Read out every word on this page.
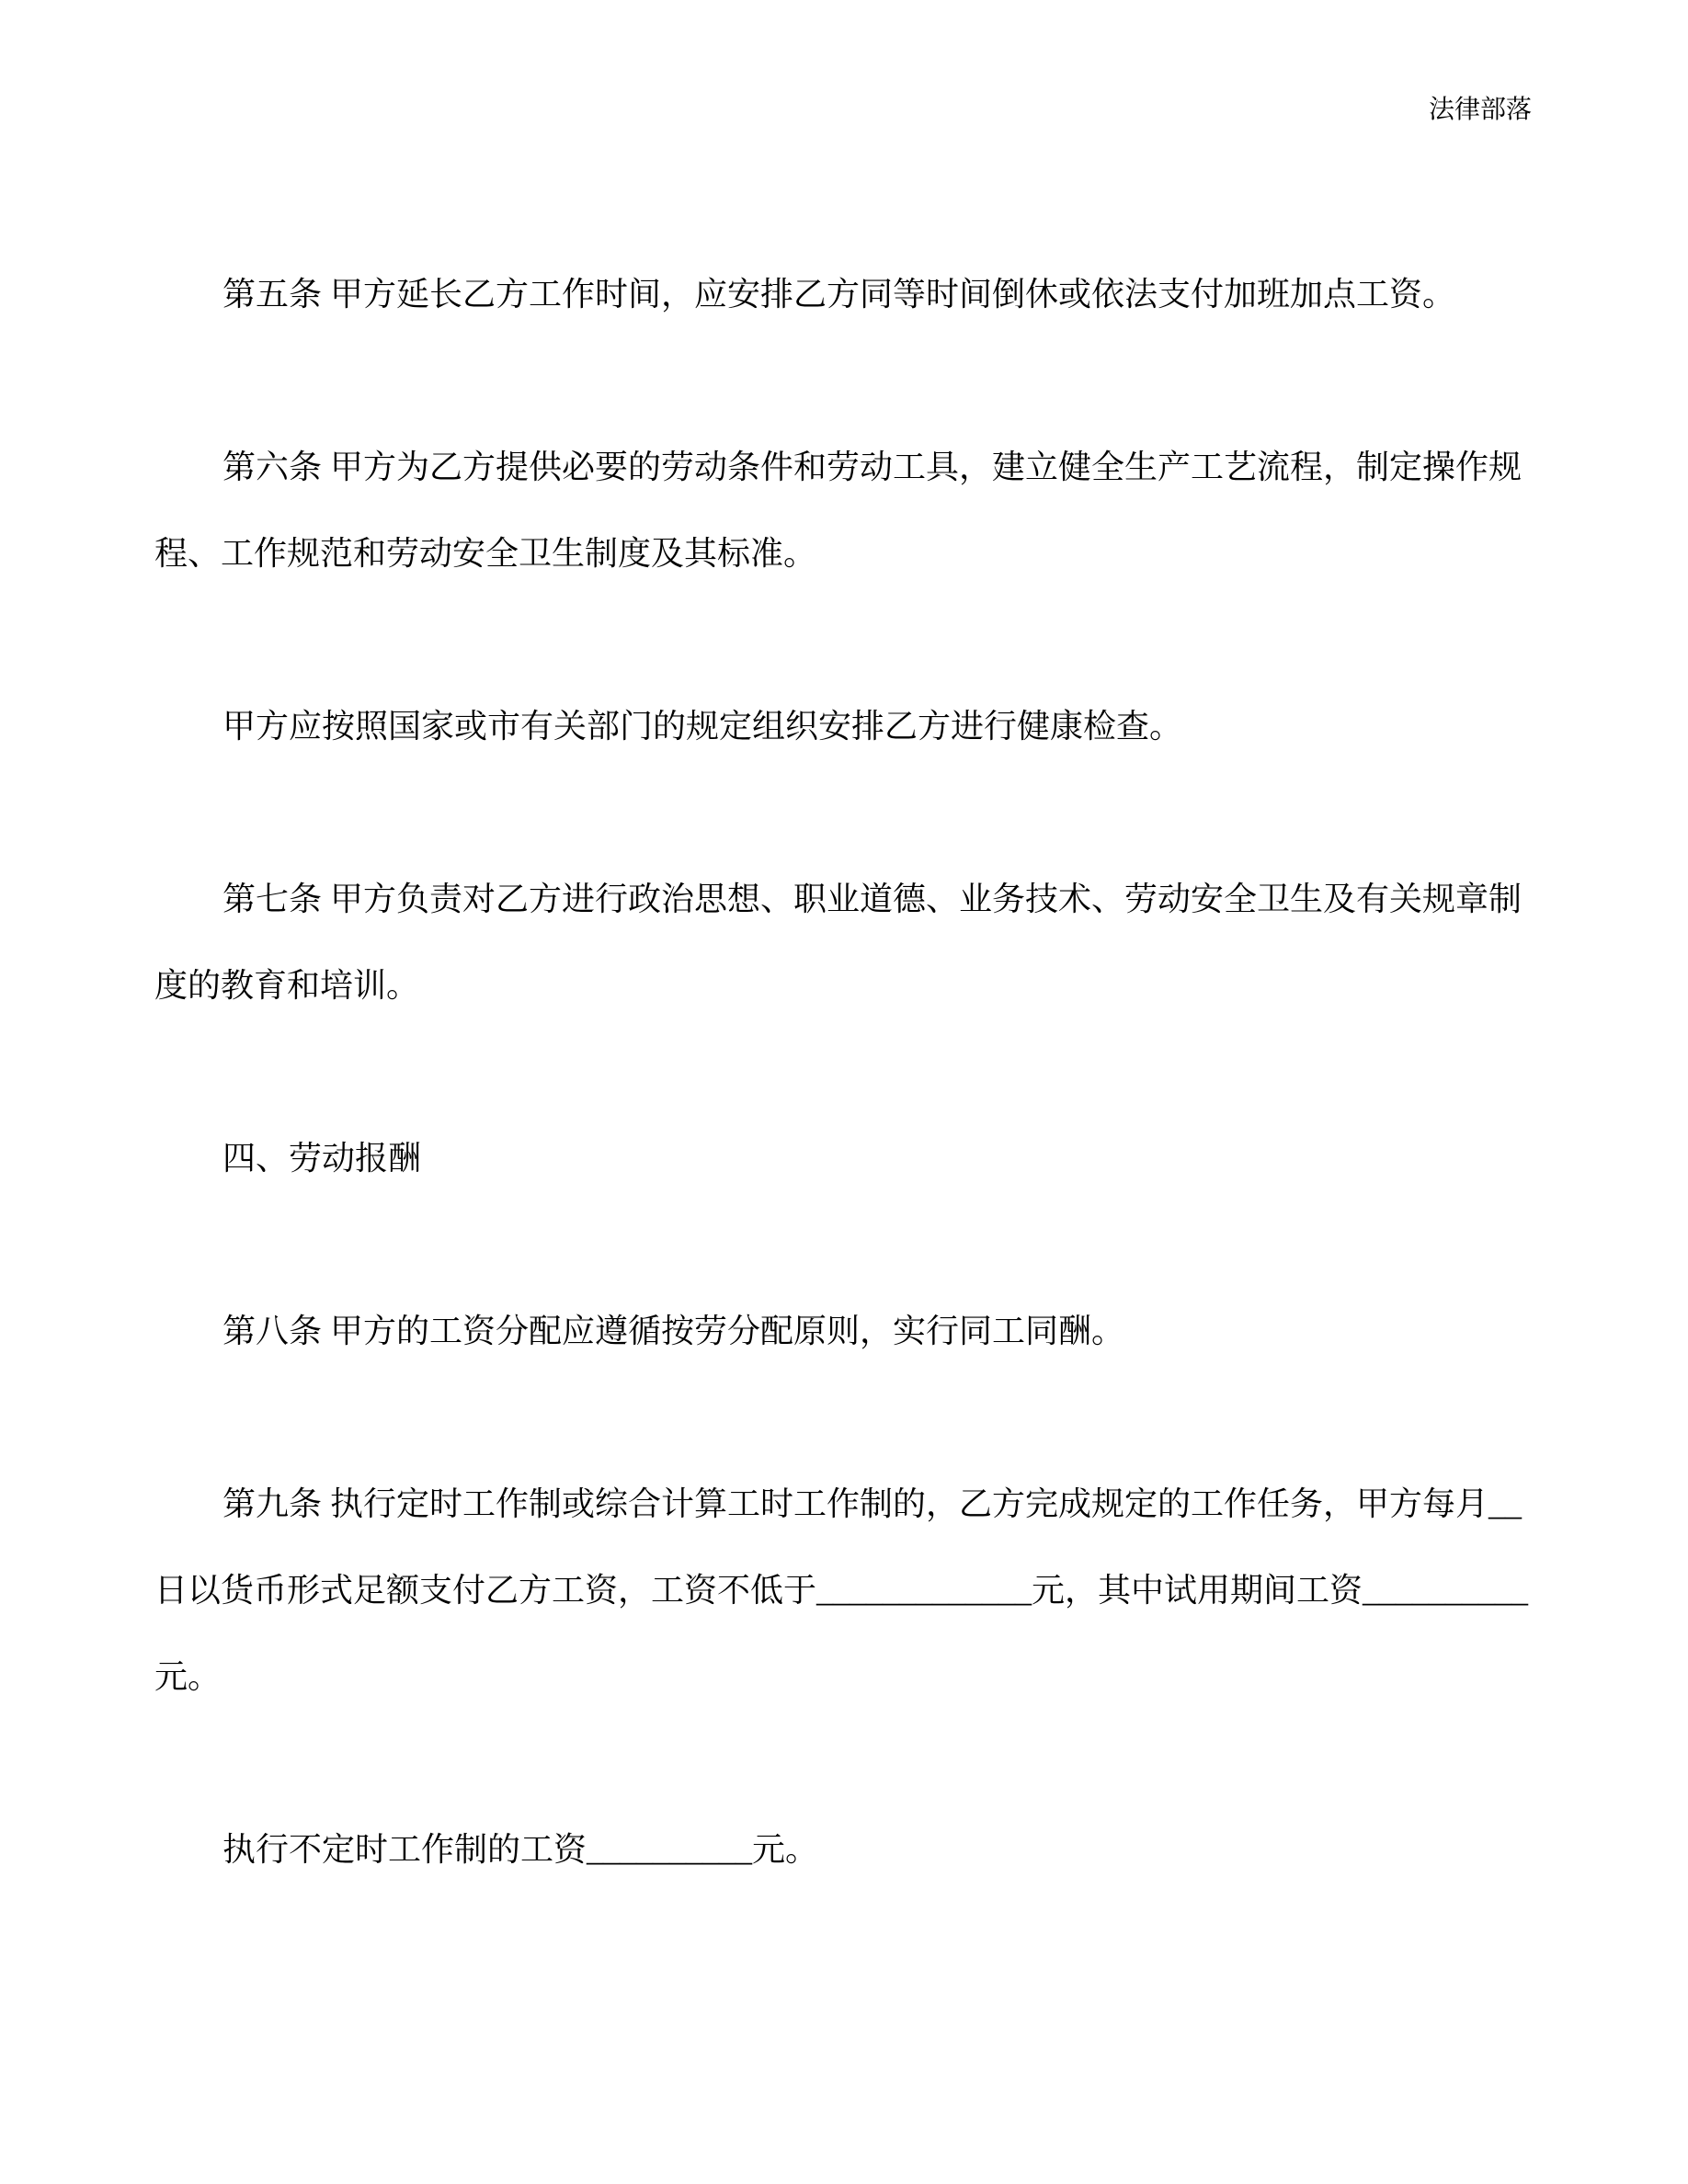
法律部落

第五条 甲方延长乙方工作时间，应安排乙方同等时间倒休或依法支付加班加点工资。

第六条 甲方为乙方提供必要的劳动条件和劳动工具，建立健全生产工艺流程，制定操作规
程、工作规范和劳动安全卫生制度及其标准。

甲方应按照国家或市有关部门的规定组织安排乙方进行健康检查。

第七条 甲方负责对乙方进行政治思想、职业道德、业务技术、劳动安全卫生及有关规章制
度的教育和培训。

四、劳动报酬

第八条 甲方的工资分配应遵循按劳分配原则，实行同工同酬。

第九条 执行定时工作制或综合计算工时工作制的，乙方完成规定的工作任务，甲方每月__
日以货币形式足额支付乙方工资，工资不低于_____________元，其中试用期间工资__________
元。

执行不定时工作制的工资__________元。
